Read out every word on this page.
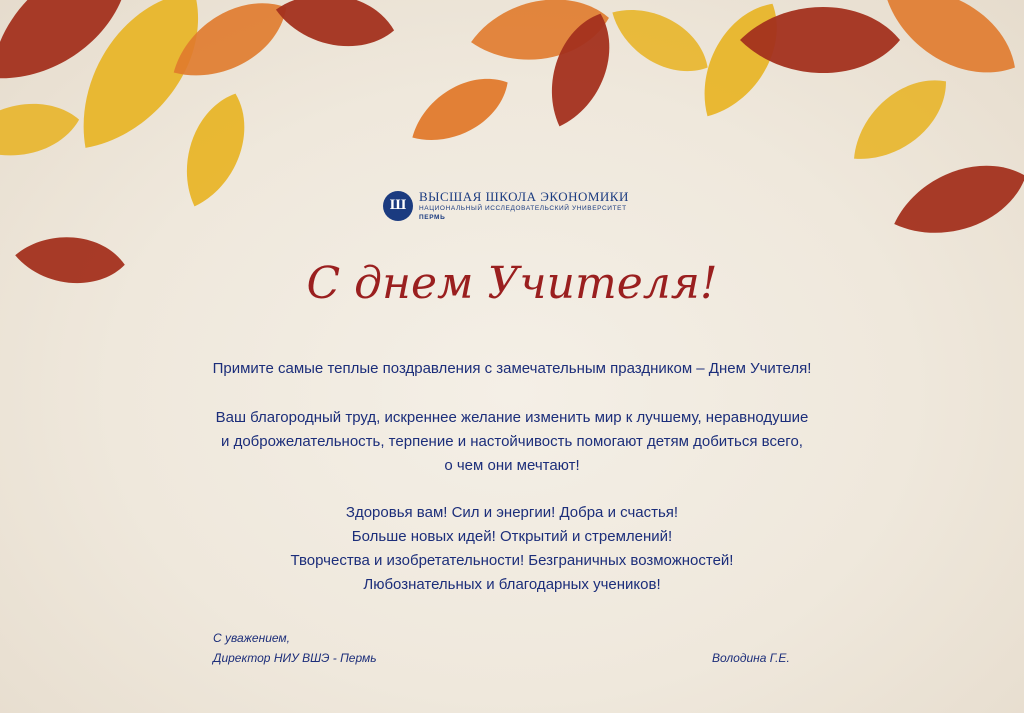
Ш
ВЫСШАЯ ШКОЛА ЭКОНОМИКИ
НАЦИОНАЛЬНЫЙ ИССЛЕДОВАТЕЛЬСКИЙ УНИВЕРСИТЕТ
ПЕРМЬ
С днем Учителя!
Примите самые теплые поздравления с замечательным праздником – Днем Учителя!
Ваш благородный труд, искреннее желание изменить мир к лучшему, неравнодушие
и доброжелательность, терпение и настойчивость помогают детям добиться всего,
о чем они мечтают!
Здоровья вам! Сил и энергии! Добра и счастья!
Больше новых идей! Открытий и стремлений!
Творчества и изобретательности! Безграничных возможностей!
Любознательных и благодарных учеников!
С уважением,
Директор НИУ ВШЭ - Пермь	Володина Г.Е.
